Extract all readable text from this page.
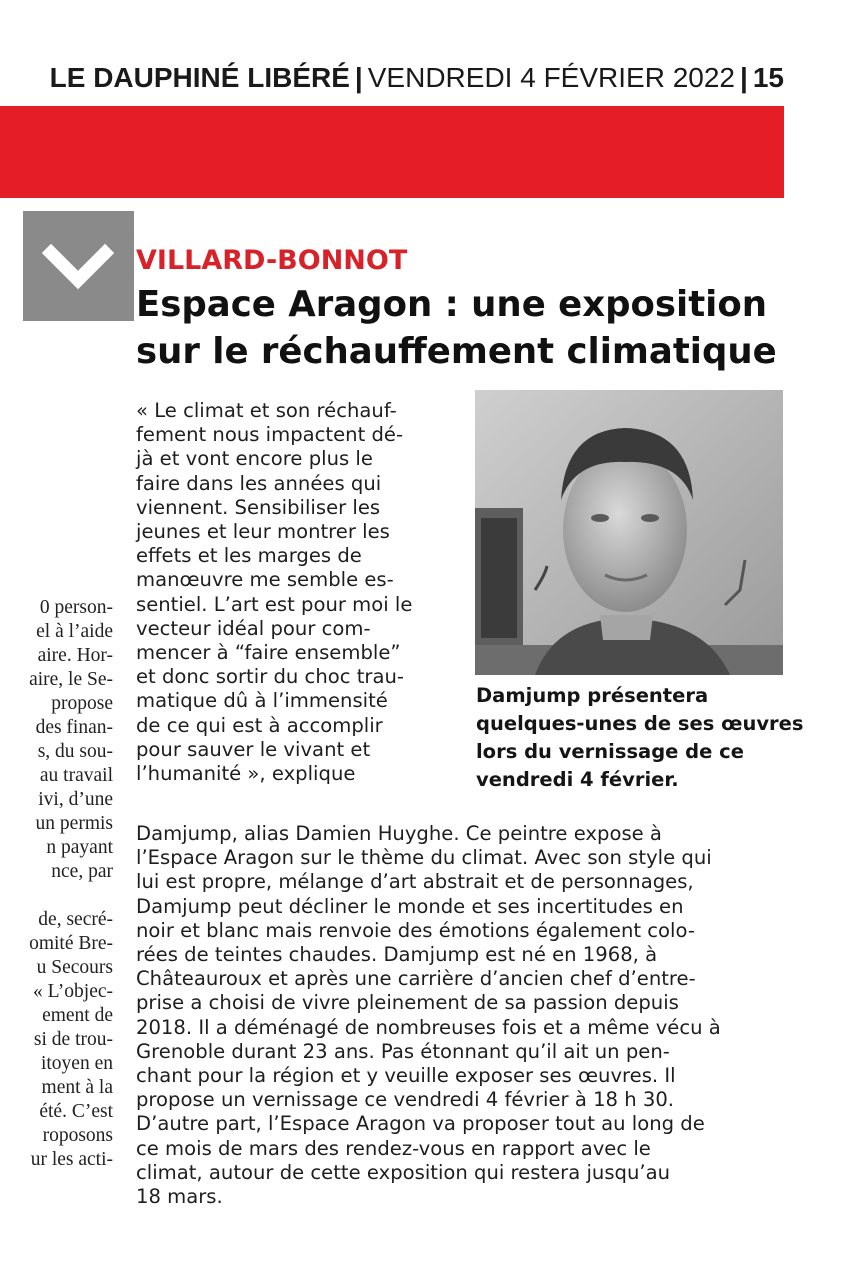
LE DAUPHINÉ LIBÉRÉ | VENDREDI 4 FÉVRIER 2022 | 15
0 person-
el à l’aide
aire. Hor-
aire, le Se-
propose
des finan-
s, du sou-
au travail
ivi, d’une
un permis
n payant
nce, par
de, secré-
omité Bre-
u Secours
« L’objec-
ement de
si de trou-
itoyen en
ment à la
été. C’est
roposons
ur les acti-
VILLARD-BONNOT
Espace Aragon : une exposition
sur le réchauffement climatique
« Le climat et son réchauf-
fement nous impactent dé-
jà et vont encore plus le
faire dans les années qui
viennent. Sensibiliser les
jeunes et leur montrer les
effets et les marges de
manœuvre me semble es-
sentiel. L’art est pour moi le
vecteur idéal pour com-
mencer à “faire ensemble”
et donc sortir du choc trau-
matique dû à l’immensité
de ce qui est à accomplir
pour sauver le vivant et
l’humanité », explique
Damjump présentera
quelques-unes de ses œuvres
lors du vernissage de ce
vendredi 4 février.
Damjump, alias Damien Huyghe. Ce peintre expose à
l’Espace Aragon sur le thème du climat. Avec son style qui
lui est propre, mélange d’art abstrait et de personnages,
Damjump peut décliner le monde et ses incertitudes en
noir et blanc mais renvoie des émotions également colo-
rées de teintes chaudes. Damjump est né en 1968, à
Châteauroux et après une carrière d’ancien chef d’entre-
prise a choisi de vivre pleinement de sa passion depuis
2018. Il a déménagé de nombreuses fois et a même vécu à
Grenoble durant 23 ans. Pas étonnant qu’il ait un pen-
chant pour la région et y veuille exposer ses œuvres. Il
propose un vernissage ce vendredi 4 février à 18 h 30.
D’autre part, l’Espace Aragon va proposer tout au long de
ce mois de mars des rendez-vous en rapport avec le
climat, autour de cette exposition qui restera jusqu’au
18 mars.
